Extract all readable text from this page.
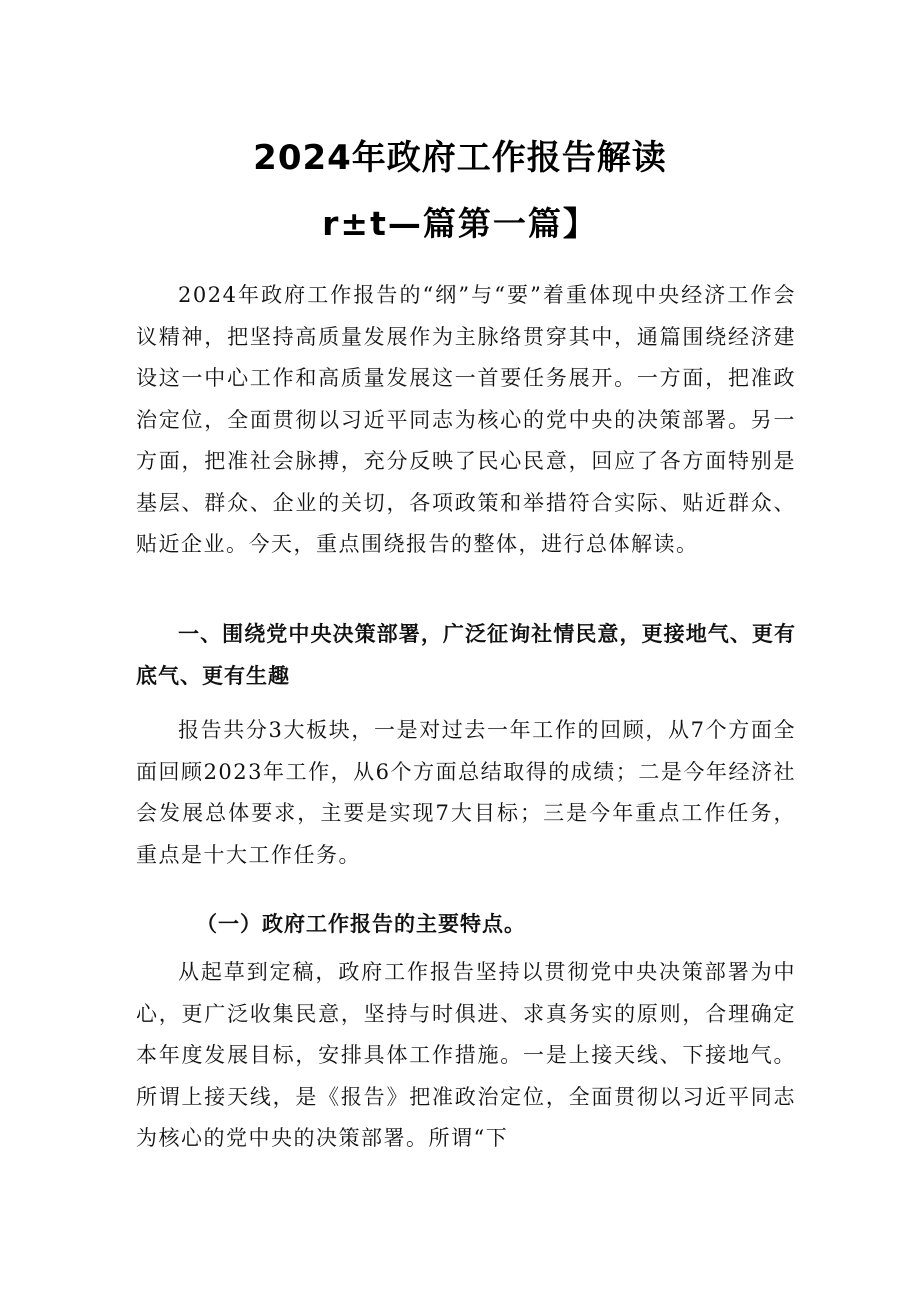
2024年政府工作报告解读
r±t—篇第一篇】

2024年政府工作报告的“纲”与“要”着重体现中央经济工作会议精神，把坚持高质量发展作为主脉络贯穿其中，通篇围绕经济建设这一中心工作和高质量发展这一首要任务展开。一方面，把准政治定位，全面贯彻以习近平同志为核心的党中央的决策部署。另一方面，把准社会脉搏，充分反映了民心民意，回应了各方面特别是基层、群众、企业的关切，各项政策和举措符合实际、贴近群众、贴近企业。今天，重点围绕报告的整体，进行总体解读。

一、围绕党中央决策部署，广泛征询社情民意，更接地气、更有底气、更有生趣

报告共分3大板块，一是对过去一年工作的回顾，从7个方面全面回顾2023年工作，从6个方面总结取得的成绩；二是今年经济社会发展总体要求，主要是实现7大目标；三是今年重点工作任务，重点是十大工作任务。

（一）政府工作报告的主要特点。

从起草到定稿，政府工作报告坚持以贯彻党中央决策部署为中心，更广泛收集民意，坚持与时俱进、求真务实的原则，合理确定本年度发展目标，安排具体工作措施。一是上接天线、下接地气。所谓上接天线，是《报告》把准政治定位，全面贯彻以习近平同志为核心的党中央的决策部署。所谓“下
